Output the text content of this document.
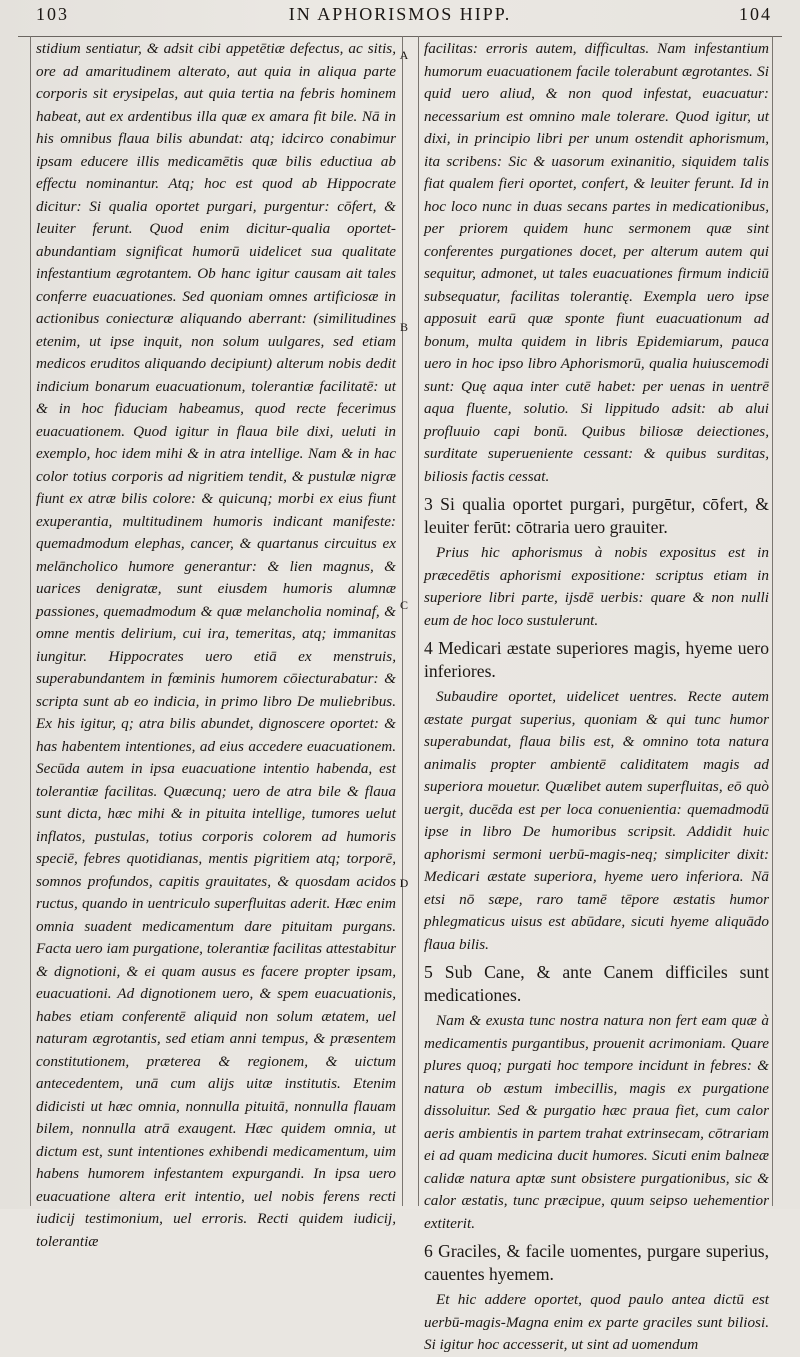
103	IN APHORISMOS HIPP.	104
A
B
C
D

stidium sentiatur, & adsit cibi appetētiæ defectus, ac sitis, ore ad amaritudinem alterato, aut quia in aliqua parte corporis sit erysipelas, aut quia tertia na febris hominem habeat, aut ex ardentibus illa quæ ex amara fit bile. Nā in his omnibus flaua bilis abundat: atq; idcirco conabimur ipsam educere illis medicamētis quæ bilis eductiua ab effectu nominantur. Atq; hoc est quod ab Hippocrate dicitur: Si qualia oportet purgari, purgentur: cōfert, & leuiter ferunt. Quod enim dicitur-qualia oportet-abundantiam significat humorū uidelicet sua qualitate infestantium ægrotantem. Ob hanc igitur causam ait tales conferre euacuationes. Sed quoniam omnes artificiosæ in actionibus coniecturæ aliquando aberrant: (similitudines etenim, ut ipse inquit, non solum uulgares, sed etiam medicos eruditos aliquando decipiunt) alterum nobis dedit indicium bonarum euacuationum, tolerantiæ facilitatē: ut & in hoc fiduciam habeamus, quod recte fecerimus euacuationem. Quod igitur in flaua bile dixi, ueluti in exemplo, hoc idem mihi & in atra intellige. Nam & in hac color totius corporis ad nigritiem tendit, & pustulæ nigræ fiunt ex atræ bilis colore: & quicunq; morbi ex eius fiunt exuperantia, multitudinem humoris indicant manifeste: quemadmodum elephas, cancer, & quartanus circuitus ex melāncholico humore generantur: & lien magnus, & uarices denigratæ, sunt eiusdem humoris alumnæ passiones, quemadmodum & quæ melancholia nominaf, & omne mentis delirium, cui ira, temeritas, atq; immanitas iungitur. Hippocrates uero etiā ex menstruis, superabundantem in fœminis humorem cōiecturabatur: & scripta sunt ab eo indicia, in primo libro De muliebribus. Ex his igitur, q; atra bilis abundet, dignoscere oportet: & has habentem intentiones, ad eius accedere euacuationem. Secūda autem in ipsa euacuatione intentio habenda, est tolerantiæ facilitas. Quæcunq; uero de atra bile & flaua sunt dicta, hæc mihi & in pituita intellige, tumores uelut inflatos, pustulas, totius corporis colorem ad humoris speciē, febres quotidianas, mentis pigritiem atq; torporē, somnos profundos, capitis grauitates, & quosdam acidos ructus, quando in uentriculo superfluitas aderit. Hæc enim omnia suadent medicamentum dare pituitam purgans. Facta uero iam purgatione, tolerantiæ facilitas attestabitur & dignotioni, & ei quam ausus es facere propter ipsam, euacuationi. Ad dignotionem uero, & spem euacuationis, habes etiam conferentē aliquid non solum ætatem, uel naturam ægrotantis, sed etiam anni tempus, & præsentem constitutionem, præterea & regionem, & uictum antecedentem, unā cum alijs uitæ institutis. Etenim didicisti ut hæc omnia, nonnulla pituitā, nonnulla flauam bilem, nonnulla atrā exaugent. Hæc quidem omnia, ut dictum est, sunt intentiones exhibendi medicamentum, uim habens humorem infestantem expurgandi. In ipsa uero euacuatione altera erit intentio, uel nobis ferens recti iudicij testimonium, uel erroris. Recti quidem iudicij, tolerantiæ

facilitas: erroris autem, difficultas. Nam infestantium humorum euacuationem facile tolerabunt ægrotantes. Si quid uero aliud, & non quod infestat, euacuatur: necessarium est omnino male tolerare. Quod igitur, ut dixi, in principio libri per unum ostendit aphorismum, ita scribens: Sic & uasorum exinanitio, siquidem talis fiat qualem fieri oportet, confert, & leuiter ferunt. Id in hoc loco nunc in duas secans partes in medicationibus, per priorem quidem hunc sermonem quæ sint conferentes purgationes docet, per alterum autem qui sequitur, admonet, ut tales euacuationes firmum indiciū subsequatur, facilitas tolerantię. Exempla uero ipse apposuit earū quæ sponte fiunt euacuationum ad bonum, multa quidem in libris Epidemiarum, pauca uero in hoc ipso libro Aphorismorū, qualia huiuscemodi sunt: Quę aqua inter cutē habet: per uenas in uentrē aqua fluente, solutio. Si lippitudo adsit: ab alui profluuio capi bonū. Quibus biliosæ deiectiones, surditate superueniente cessant: & quibus surditas, biliosis factis cessat.

3 Si qualia oportet purgari, purgētur, cōfert, & leuiter ferūt: cōtraria uero grauiter.

Prius hic aphorismus à nobis expositus est in præcedētis aphorismi expositione: scriptus etiam in superiore libri parte, ijsdē uerbis: quare & non nulli eum de hoc loco sustulerunt.

4 Medicari æstate superiores magis, hyeme uero inferiores.

Subaudire oportet, uidelicet uentres. Recte autem æstate purgat superius, quoniam & qui tunc humor superabundat, flaua bilis est, & omnino tota natura animalis propter ambientē caliditatem magis ad superiora mouetur. Quælibet autem superfluitas, eō quò uergit, ducēda est per loca conuenientia: quemadmodū ipse in libro De humoribus scripsit. Addidit huic aphorismi sermoni uerbū-magis-neq; simpliciter dixit: Medicari æstate superiora, hyeme uero inferiora. Nā etsi nō sæpe, raro tamē tēpore æstatis humor phlegmaticus uisus est abūdare, sicuti hyeme aliquādo flaua bilis.

5 Sub Cane, & ante Canem difficiles sunt medicationes.

Nam & exusta tunc nostra natura non fert eam quæ à medicamentis purgantibus, prouenit acrimoniam. Quare plures quoq; purgati hoc tempore incidunt in febres: & natura ob æstum imbecillis, magis ex purgatione dissoluitur. Sed & purgatio hæc praua fiet, cum calor aeris ambientis in partem trahat extrinsecam, cōtrariam ei ad quam medicina ducit humores. Sicuti enim balneæ calidæ natura aptæ sunt obsistere purgationibus, sic & calor æstatis, tunc præcipue, quum seipso uehementior extiterit.

6 Graciles, & facile uomentes, purgare superius, cauentes hyemem.

Et hic addere oportet, quod paulo antea dictū est uerbū-magis-Magna enim ex parte graciles sunt biliosi. Si igitur hoc accesserit, ut sint ad uomendum
